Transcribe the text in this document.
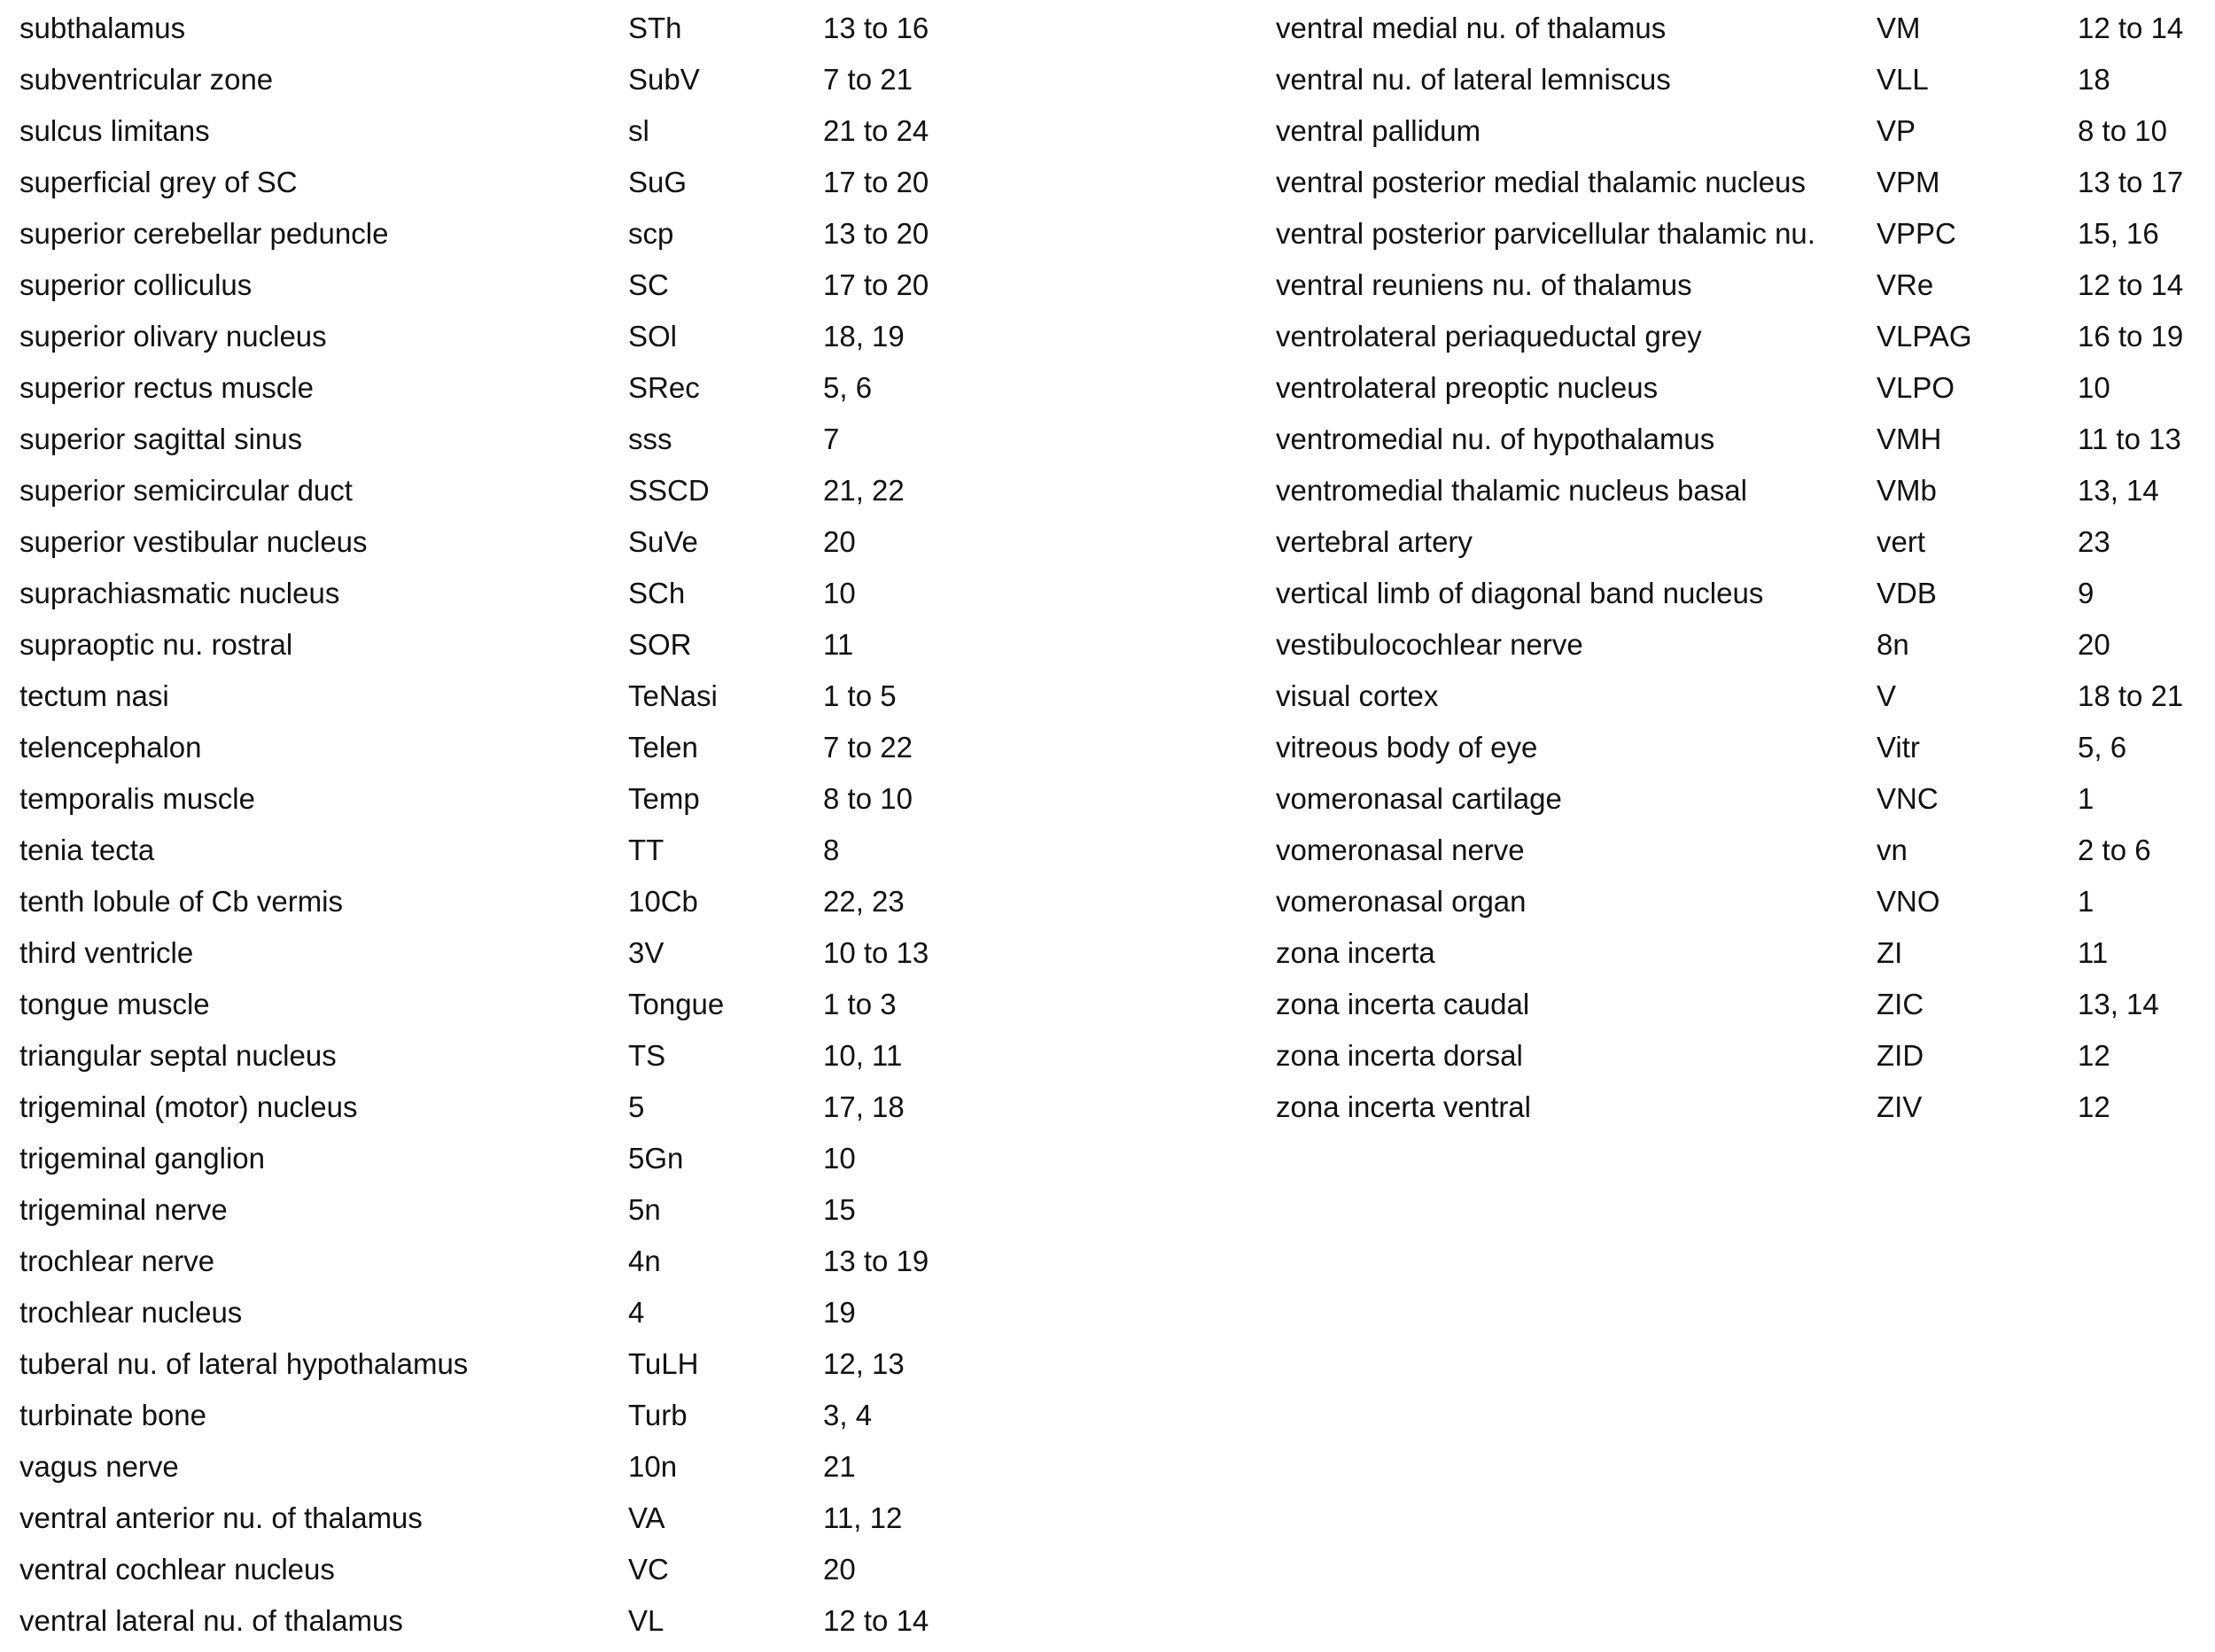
subthalamus	STh	13 to 16
subventricular zone	SubV	7 to 21
sulcus limitans	sl	21 to 24
superficial grey of SC	SuG	17 to 20
superior cerebellar peduncle	scp	13 to 20
superior colliculus	SC	17 to 20
superior olivary nucleus	SOl	18, 19
superior rectus muscle	SRec	5, 6
superior sagittal sinus	sss	7
superior semicircular duct	SSCD	21, 22
superior vestibular nucleus	SuVe	20
suprachiasmatic nucleus	SCh	10
supraoptic nu. rostral	SOR	11
tectum nasi	TeNasi	1 to 5
telencephalon	Telen	7 to 22
temporalis muscle	Temp	8 to 10
tenia tecta	TT	8
tenth lobule of Cb vermis	10Cb	22, 23
third ventricle	3V	10 to 13
tongue muscle	Tongue	1 to 3
triangular septal nucleus	TS	10, 11
trigeminal (motor) nucleus	5	17, 18
trigeminal ganglion	5Gn	10
trigeminal nerve	5n	15
trochlear nerve	4n	13 to 19
trochlear nucleus	4	19
tuberal nu. of lateral hypothalamus	TuLH	12, 13
turbinate bone	Turb	3, 4
vagus nerve	10n	21
ventral anterior nu. of thalamus	VA	11, 12
ventral cochlear nucleus	VC	20
ventral lateral nu. of thalamus	VL	12 to 14
ventral medial nu. of thalamus	VM	12 to 14
ventral nu. of lateral lemniscus	VLL	18
ventral pallidum	VP	8 to 10
ventral posterior medial thalamic nucleus VPM	13 to 17
ventral posterior parvicellular thalamic nu. VPPC	15, 16
ventral reuniens nu. of thalamus	VRe	12 to 14
ventrolateral periaqueductal grey	VLPAG	16 to 19
ventrolateral preoptic nucleus	VLPO	10
ventromedial nu. of hypothalamus	VMH	11 to 13
ventromedial thalamic nucleus basal	VMb	13, 14
vertebral artery	vert	23
vertical limb of diagonal band nucleus	VDB	9
vestibulocochlear nerve	8n	20
visual cortex	V	18 to 21
vitreous body of eye	Vitr	5, 6
vomeronasal cartilage	VNC	1
vomeronasal nerve	vn	2 to 6
vomeronasal organ	VNO	1
zona incerta	ZI	11
zona incerta caudal	ZIC	13, 14
zona incerta dorsal	ZID	12
zona incerta ventral	ZIV	12
